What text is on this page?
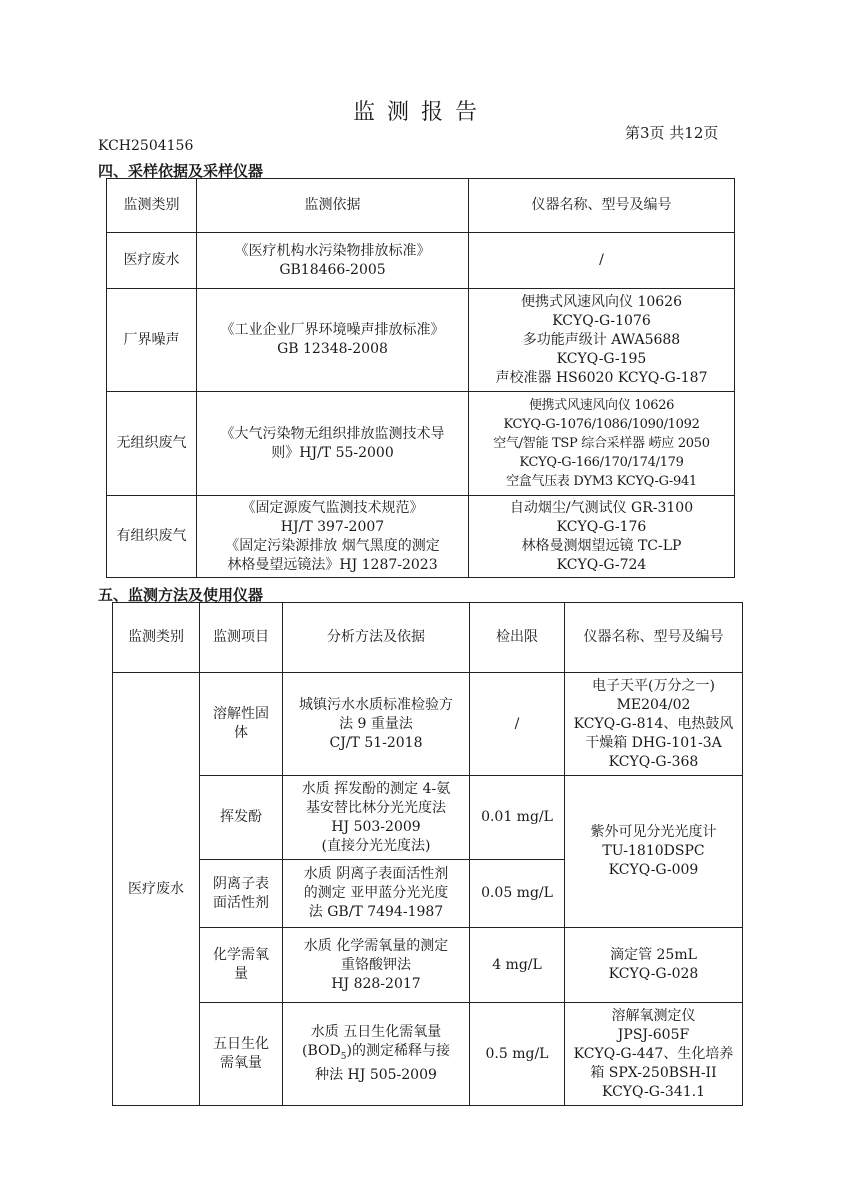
监测报告
KCH2504156
第3页 共12页
四、采样依据及采样仪器
监测类别	监测依据	仪器名称、型号及编号
医疗废水	《医疗机构水污染物排放标准》
GB18466-2005	/
厂界噪声	《工业企业厂界环境噪声排放标准》
GB 12348-2008	便携式风速风向仪 10626
KCYQ-G-1076
多功能声级计 AWA5688
KCYQ-G-195
声校准器 HS6020 KCYQ-G-187

无组织废气	《大气污染物无组织排放监测技术导
则》HJ/T 55-2000	便携式风速风向仪 10626
KCYQ-G-1076/1086/1090/1092
空气/智能 TSP 综合采样器 崂应 2050
KCYQ-G-166/170/174/179
空盒气压表 DYM3 KCYQ-G-941

有组织废气	《固定源废气监测技术规范》
HJ/T 397-2007
《固定污染源排放 烟气黑度的测定
林格曼望远镜法》HJ 1287-2023	自动烟尘/气测试仪 GR-3100
KCYQ-G-176
林格曼测烟望远镜 TC-LP
KCYQ-G-724
五、监测方法及使用仪器
监测类别	监测项目	分析方法及依据	检出限	仪器名称、型号及编号
医疗废水	溶解性固
体	城镇污水水质标准检验方
法 9 重量法
CJ/T 51-2018	/	电子天平(万分之一)
ME204/02
KCYQ-G-814、电热鼓风
干燥箱 DHG-101-3A
KCYQ-G-368

	挥发酚	水质 挥发酚的测定 4-氨
基安替比林分光光度法
HJ 503-2009
(直接分光光度法)	0.01 mg/L	紫外可见分光光度计
TU-1810DSPC
KCYQ-G-009

	阴离子表
面活性剂	水质 阴离子表面活性剂
的测定 亚甲蓝分光光度
法 GB/T 7494-1987	0.05 mg/L	

	化学需氧
量	水质 化学需氧量的测定
重铬酸钾法
HJ 828-2017	4 mg/L	滴定管 25mL
KCYQ-G-028

	五日生化
需氧量	水质 五日生化需氧量
$(BOD_5)$的测定稀释与接
种法 HJ 505-2009	0.5 mg/L	溶解氧测定仪
JPSJ-605F
KCYQ-G-447、生化培养
箱 SPX-250BSH-II
KCYQ-G-341.1
